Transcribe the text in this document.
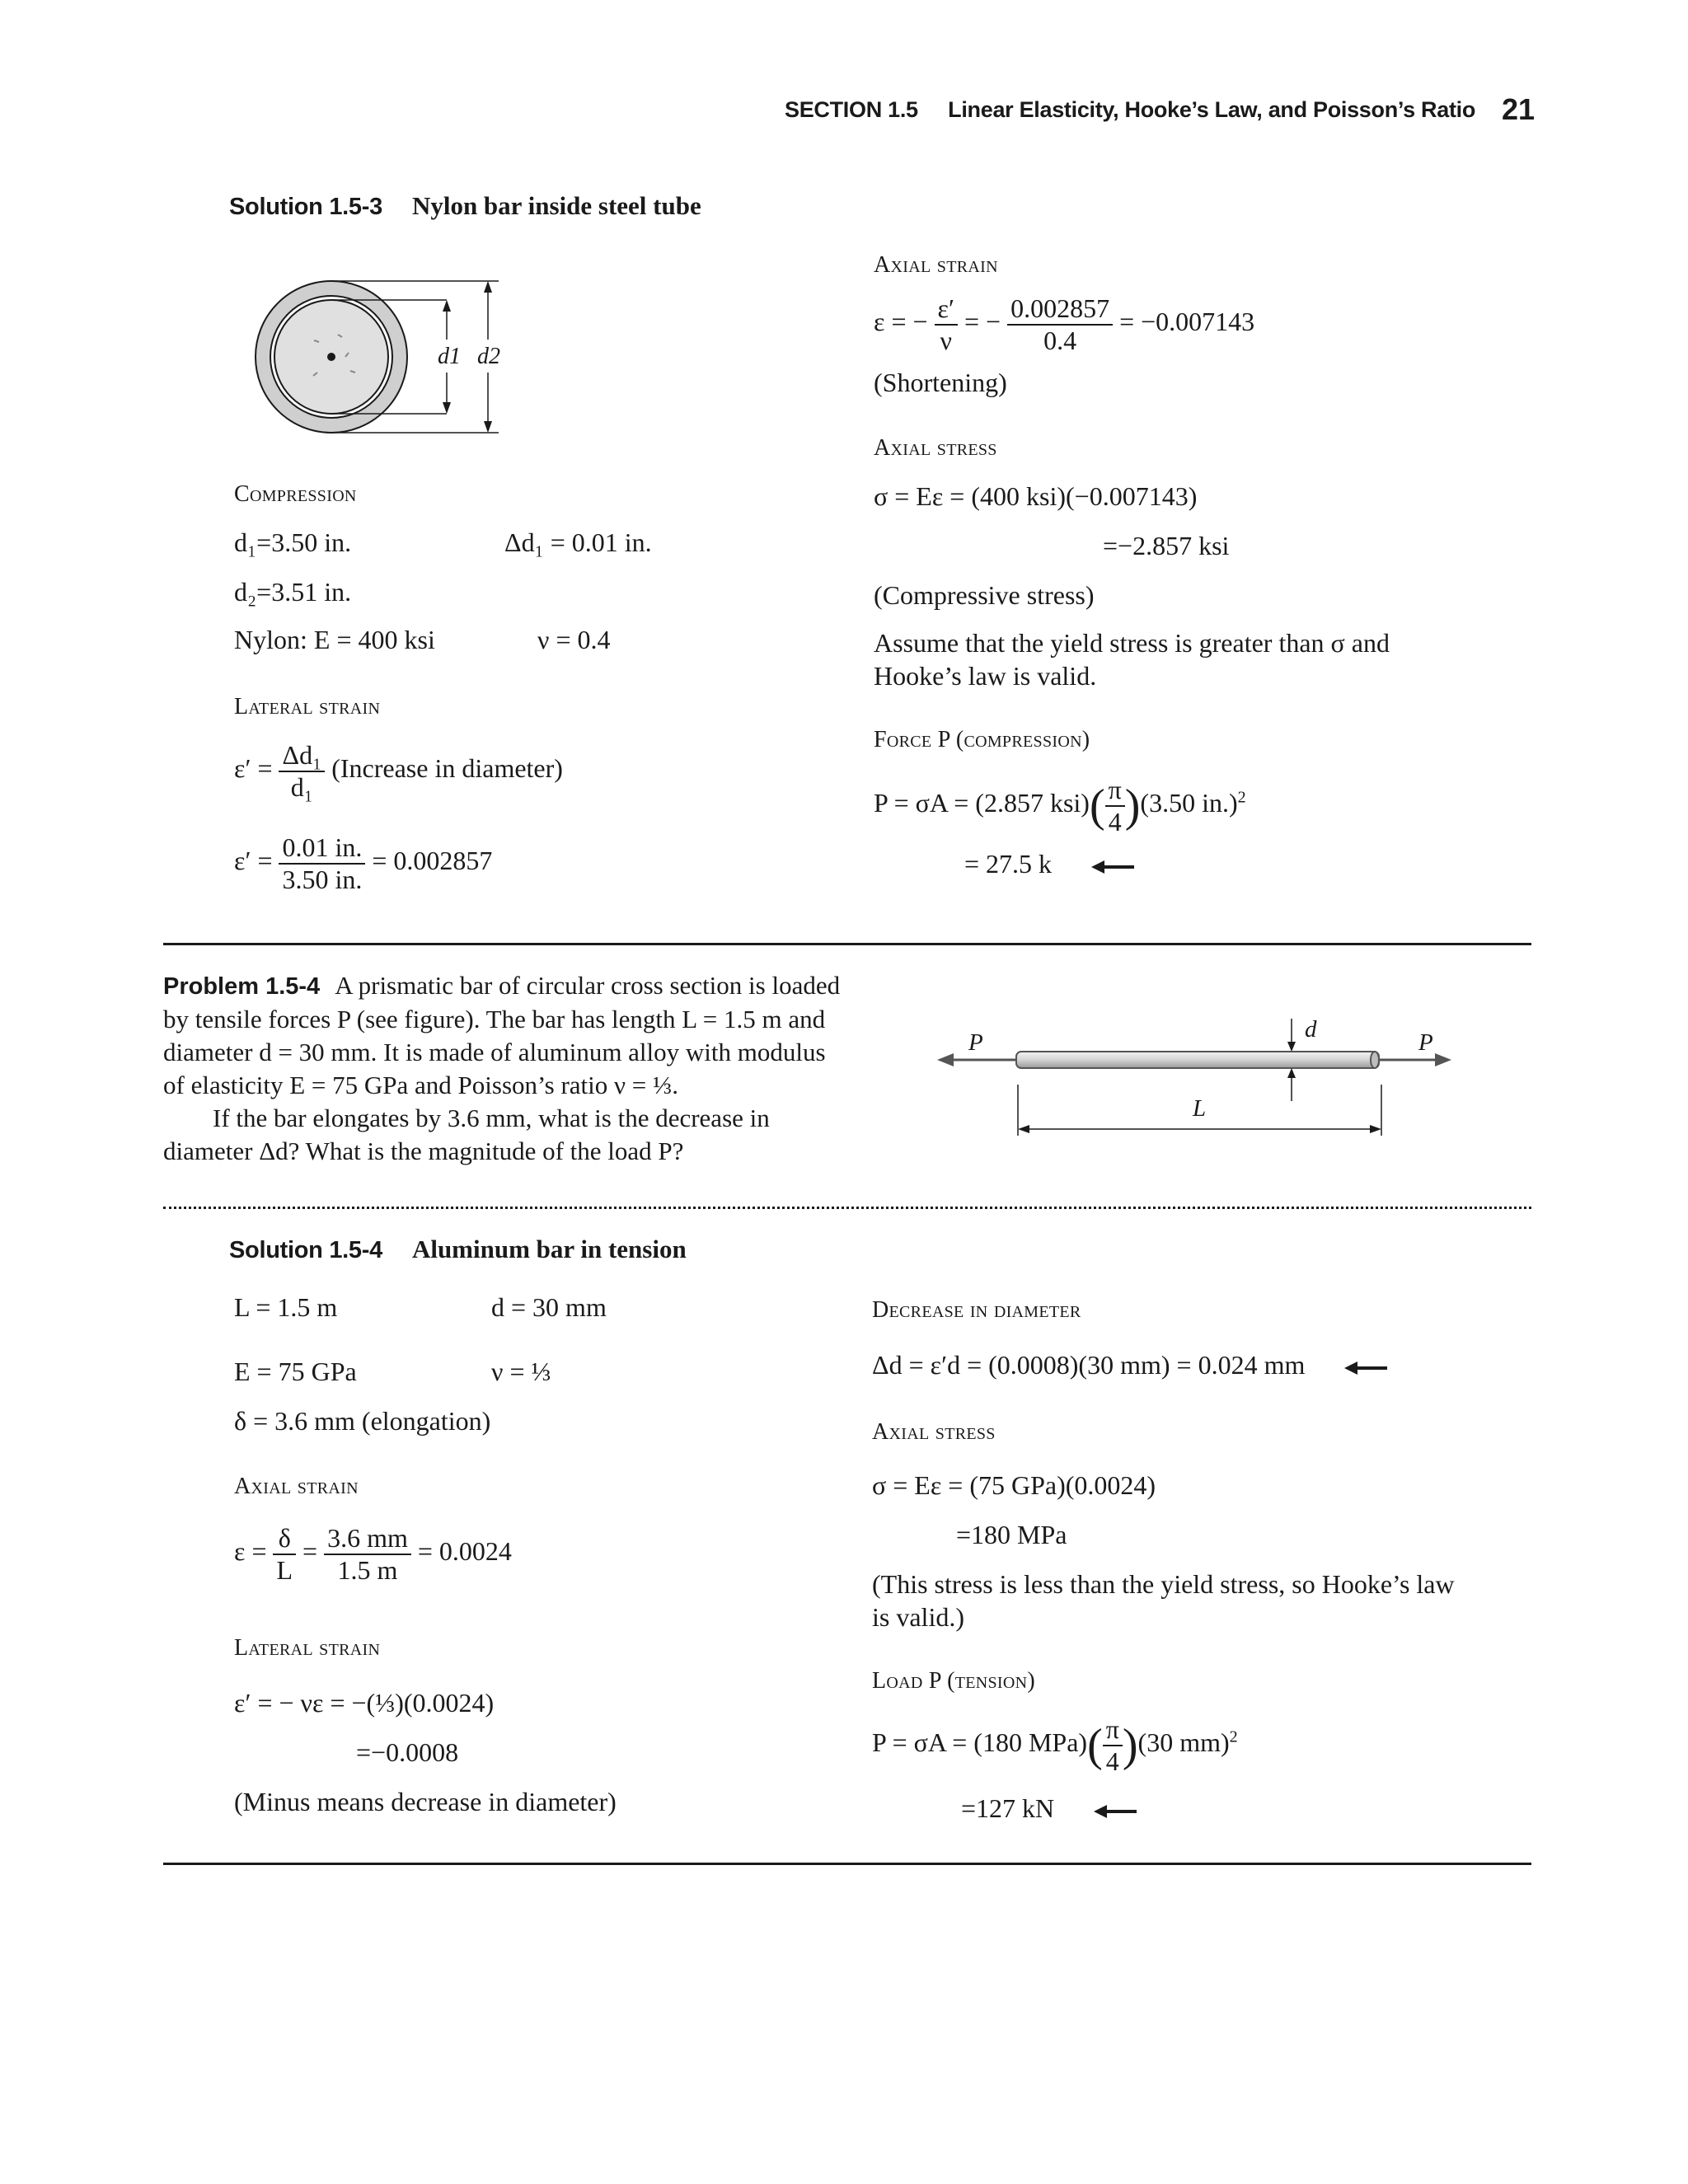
SECTION 1.5 Linear Elasticity, Hooke’s Law, and Poisson’s Ratio 21
Solution 1.5-3 Nylon bar inside steel tube
d1 d2
Compression
d₁=3.50 in.	Δd₁ = 0.01 in.
d₂=3.51 in.
Nylon: E = 400 ksi	ν = 0.4
Lateral strain
$\varepsilon' = \frac{\text{Δd₁}}{\text{d₁}}$ (Increase in diameter)
$\varepsilon' = \frac{0.01 in.}{3.50 in.} = 0.002857$
Axial strain
ε = − $\frac{\varepsilon'}{\nu}$ = − $\frac{0.002857}{0.4} = -0.007143$
(Shortening)
Axial stress
σ = Eε = (400 ksi)(−0.007143)
=−2.857 ksi
(Compressive stress)
Assume that the yield stress is greater than σ and
Hooke’s law is valid.
Force P (compression)
P = σA = (2.857 $ksi)( \frac{\pi}{4} )(3.50$ in.)$^2$
= 27.5 k
Problem 1.5-4 A prismatic bar of circular cross section is loaded
by tensile forces P (see figure). The bar has length L = 1.5 m and
diameter d = 30 mm. It is made of aluminum alloy with modulus
of elasticity E = 75 GPa and Poisson’s ratio ν = ⅓.
If the bar elongates by 3.6 mm, what is the decrease in
diameter Δd? What is the magnitude of the load P?
P	P
d
L
Solution 1.5-4 Aluminum bar in tension
L = 1.5 m	d = 30 mm
E = 75 GPa	ν = ⅓
δ = 3.6 mm (elongation)
Axial strain
$\varepsilon = \frac{\delta}{L} = \frac{3.6 mm}{1.5 m} = 0.0024$
Lateral strain
ε′ = − νε = −(⅓)(0.0024)
=−0.0008
(Minus means decrease in diameter)
Decrease in diameter
Δd = ε′d = (0.0008)(30 mm) = 0.024 mm
Axial stress
σ = Eε = (75 GPa)(0.0024)
=180 MPa
(This stress is less than the yield stress, so Hooke’s law
is valid.)
Load P (tension)
P = σA = (180 $MPa)( \frac{\pi}{4} )(30$ mm)$^2$
=127 kN
